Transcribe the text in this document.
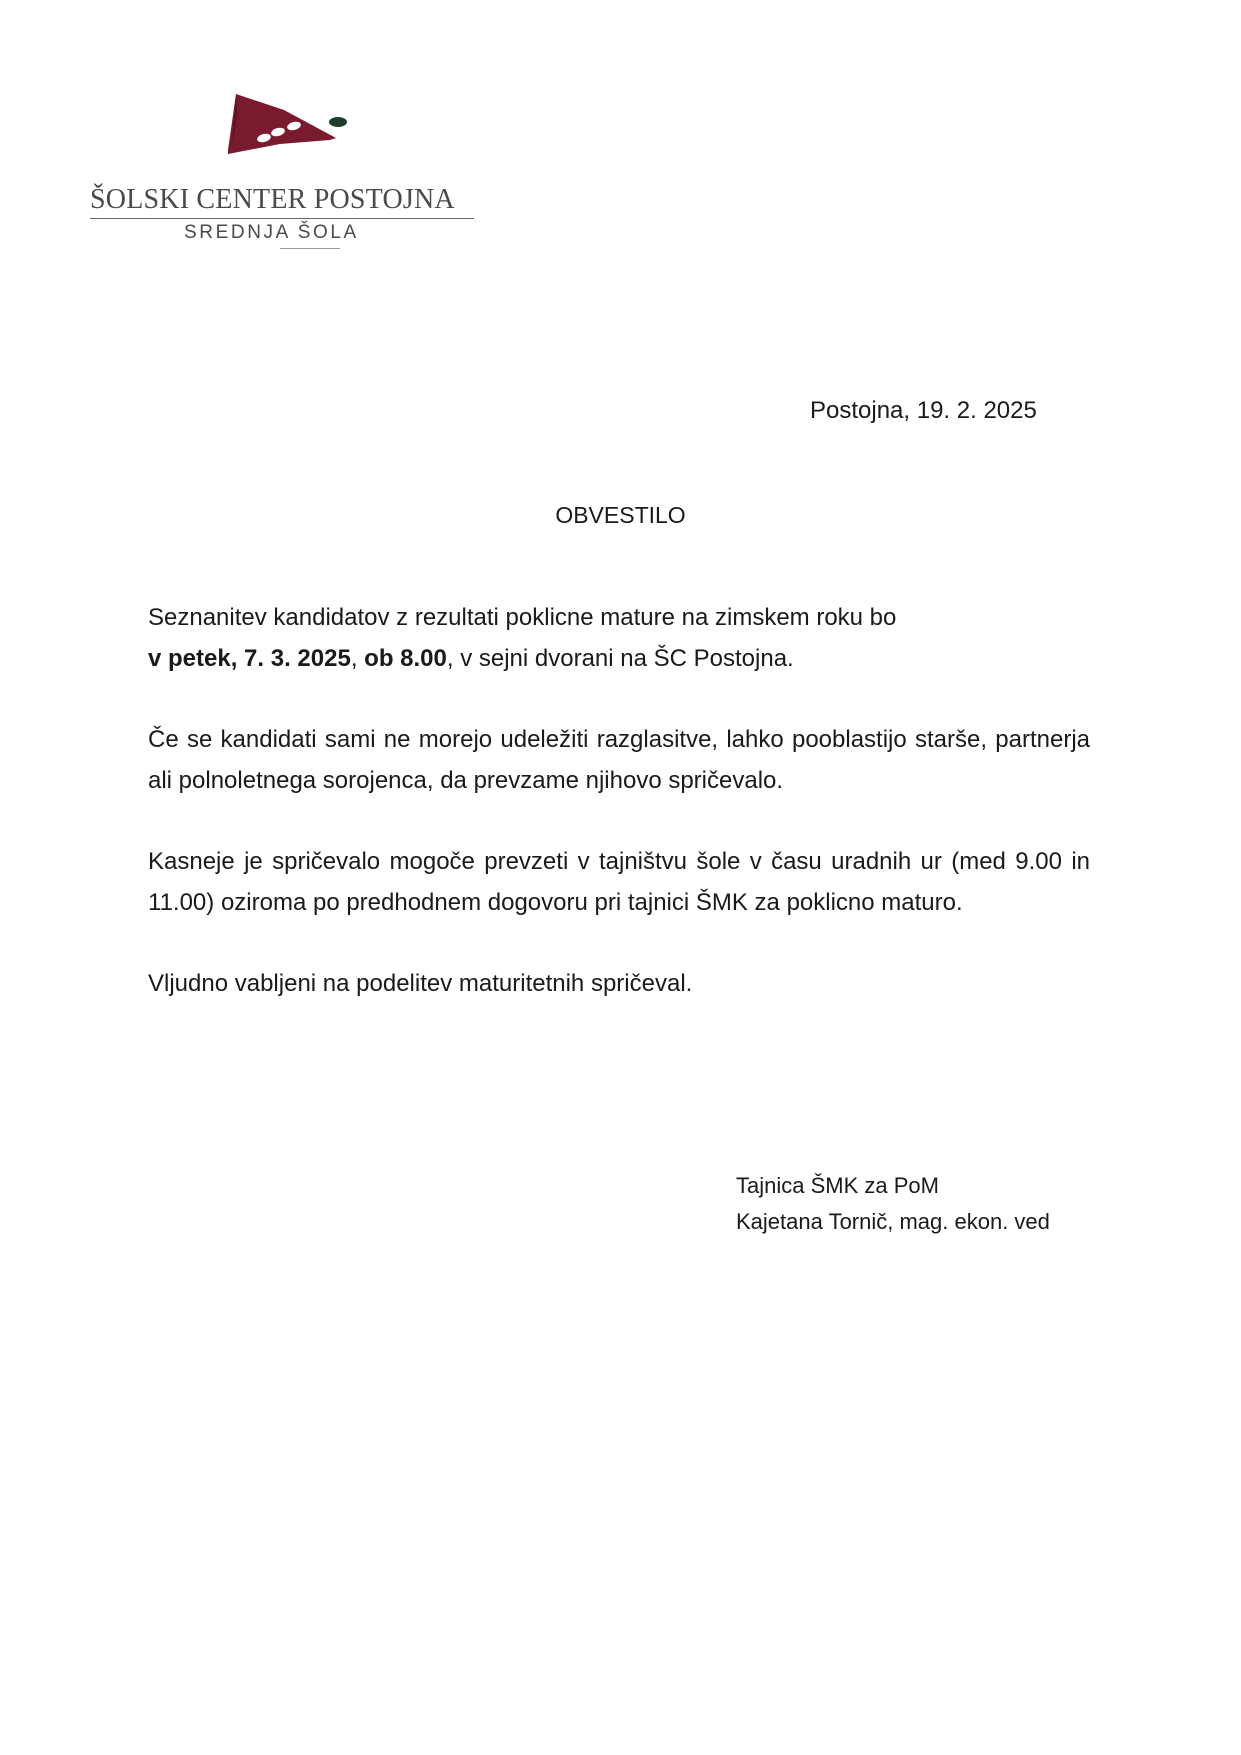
ŠOLSKI CENTER POSTOJNA
SREDNJA ŠOLA
Postojna, 19. 2. 2025
OBVESTILO

Seznanitev kandidatov z rezultati poklicne mature na zimskem roku bo
v petek, 7. 3. 2025, ob 8.00, v sejni dvorani na ŠC Postojna.

Če se kandidati sami ne morejo udeležiti razglasitve, lahko pooblastijo starše, partnerja ali polnoletnega sorojenca, da prevzame njihovo spričevalo.

Kasneje je spričevalo mogoče prevzeti v tajništvu šole v času uradnih ur (med 9.00 in 11.00) oziroma po predhodnem dogovoru pri tajnici ŠMK za poklicno maturo.

Vljudno vabljeni na podelitev maturitetnih spričeval.

Tajnica ŠMK za PoM
Kajetana Tornič, mag. ekon. ved
